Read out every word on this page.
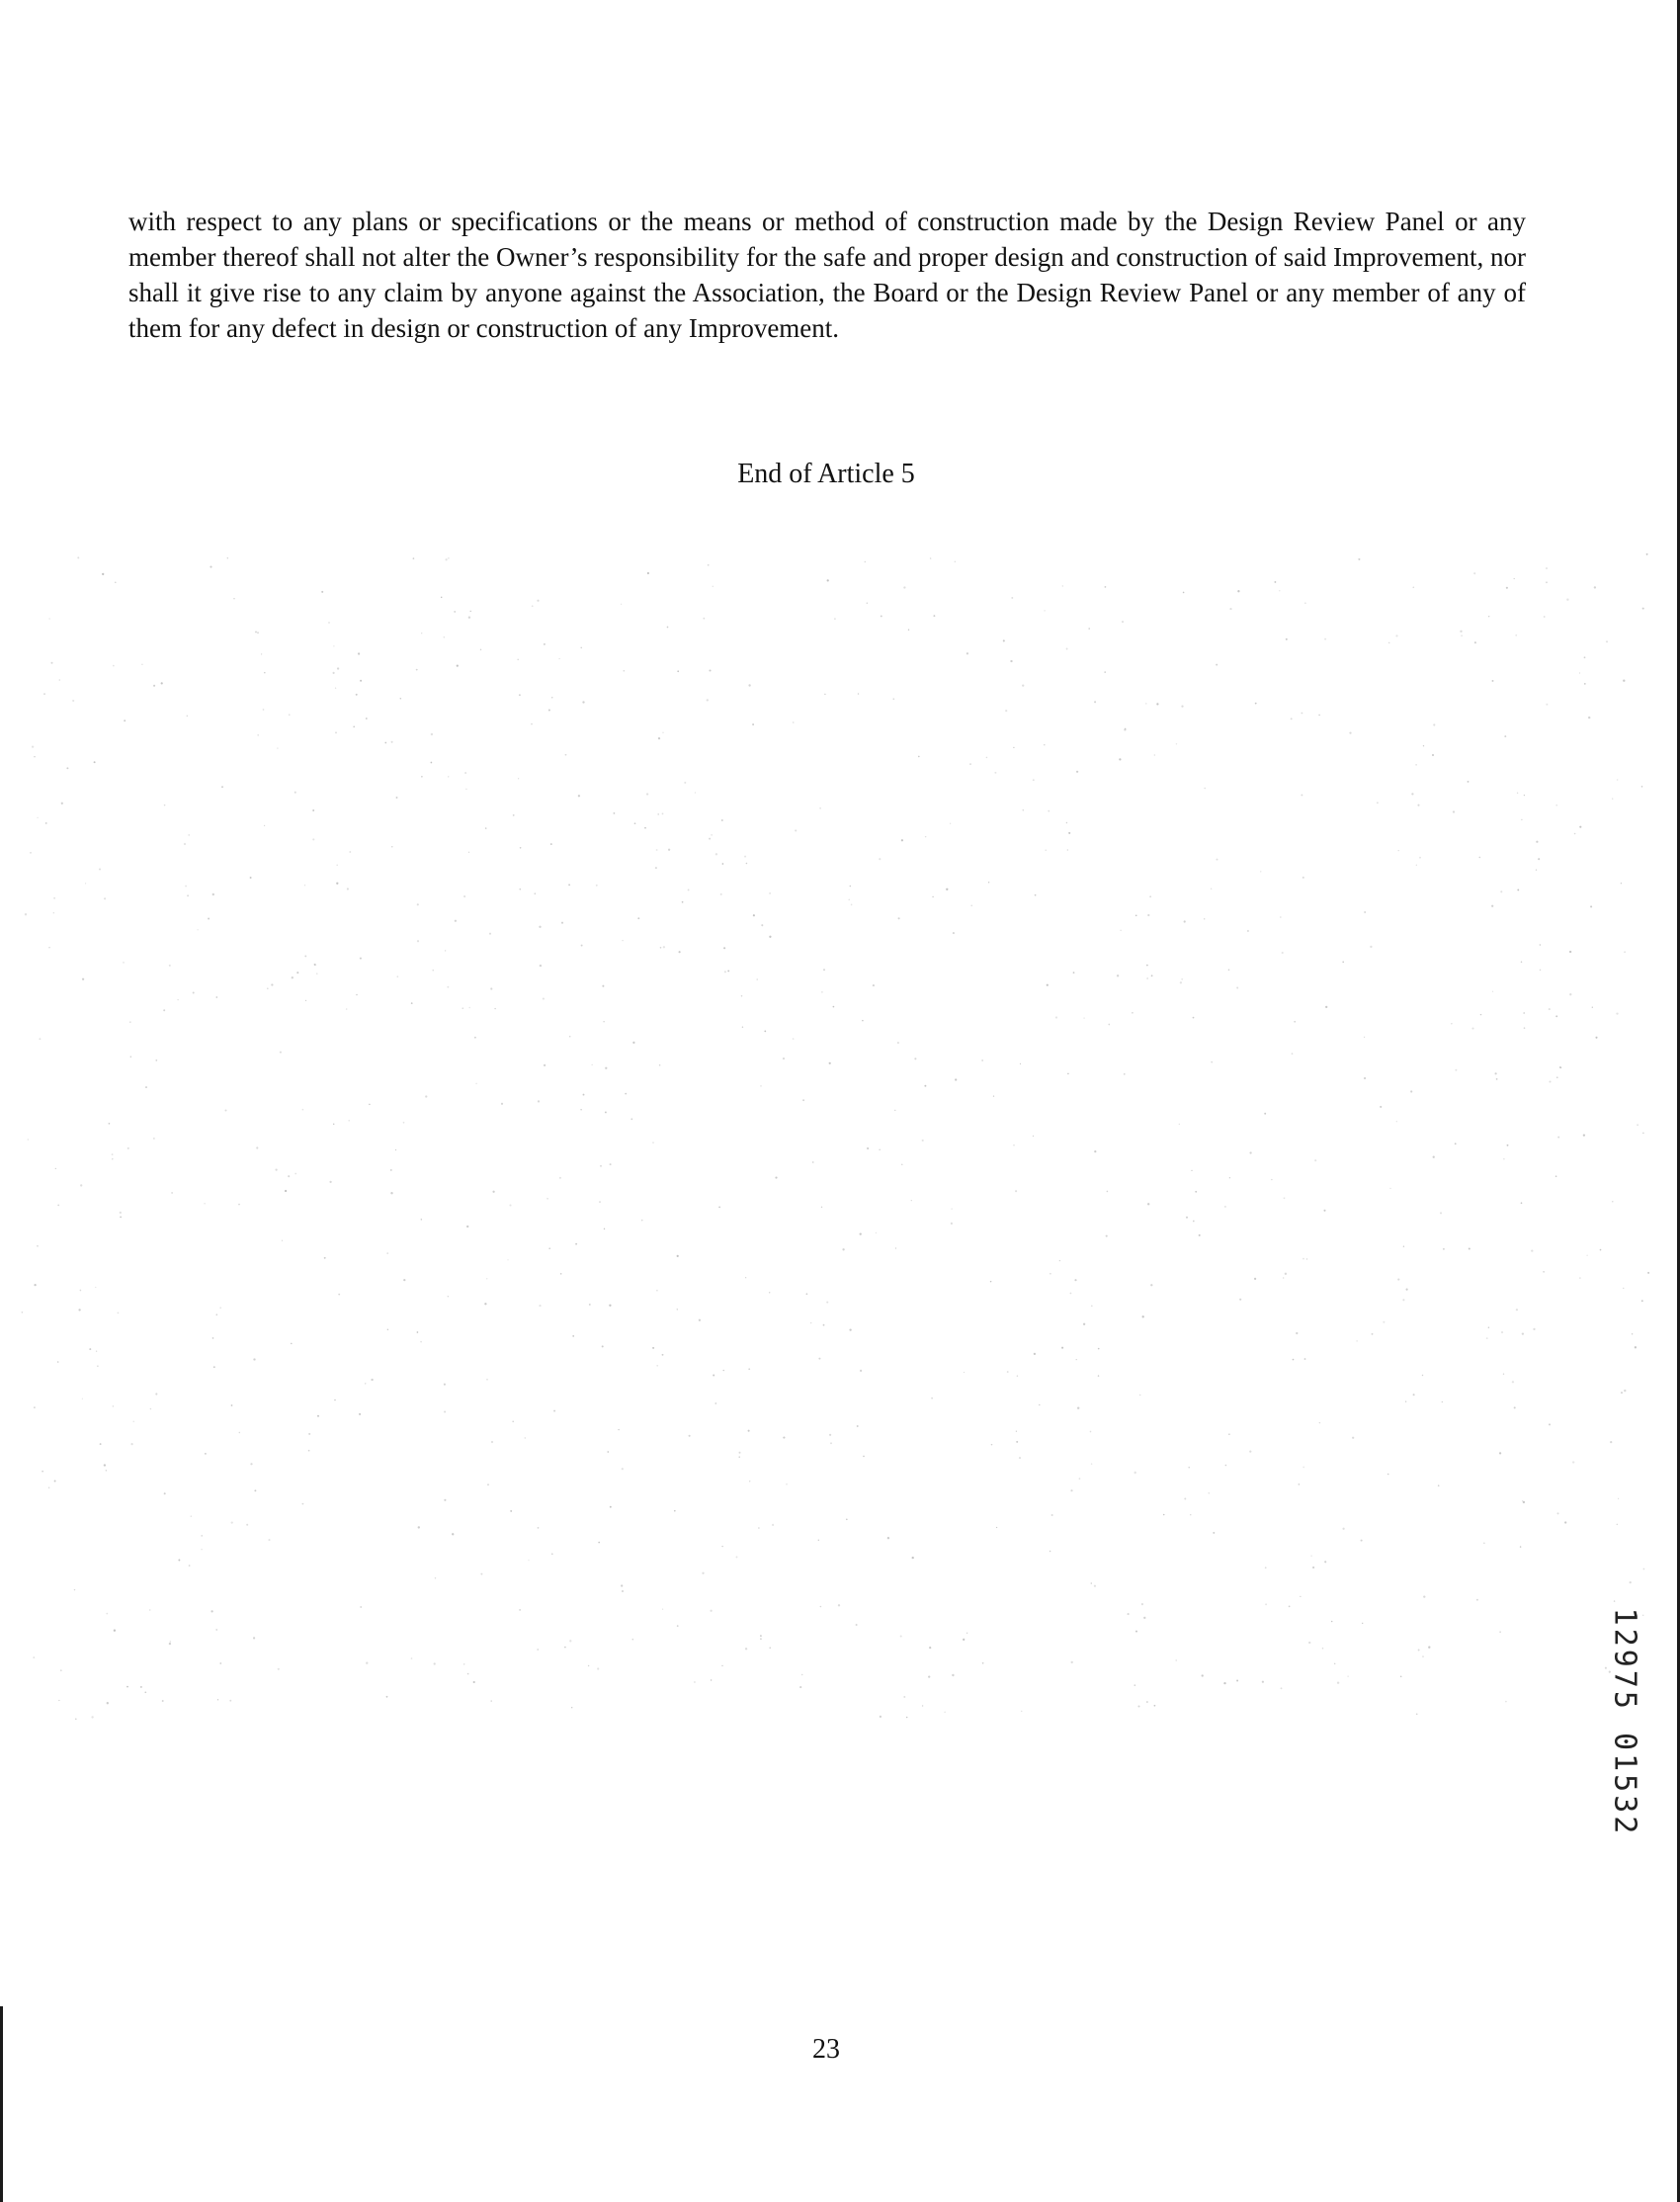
with respect to any plans or specifications or the means or method of construction made by the Design Review Panel or any member thereof shall not alter the Owner’s responsibility for the safe and proper design and construction of said Improvement, nor shall it give rise to any claim by anyone against the Association, the Board or the Design Review Panel or any member of any of them for any defect in design or construction of any Improvement.

End of Article 5

12975 01532

23
